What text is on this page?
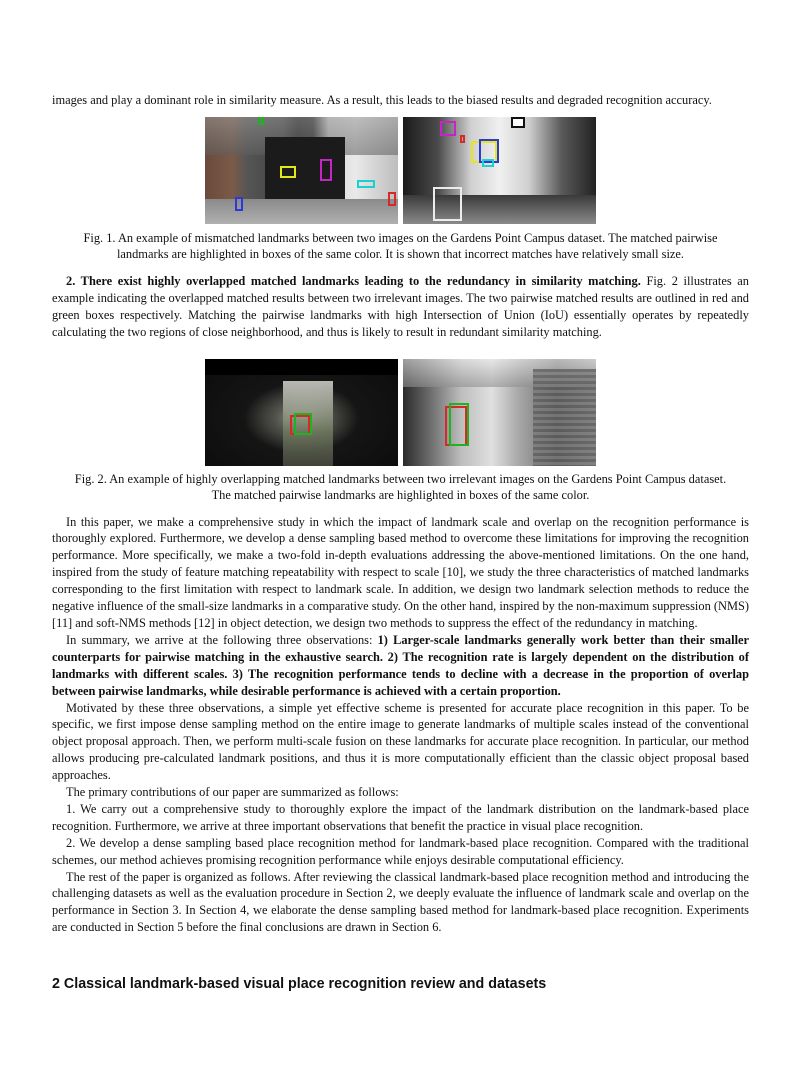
images and play a dominant role in similarity measure. As a result, this leads to the biased results and degraded recognition accuracy.

Fig. 1. An example of mismatched landmarks between two images on the Gardens Point Campus dataset. The matched pairwise landmarks are highlighted in boxes of the same color. It is shown that incorrect matches have relatively small size.

2. There exist highly overlapped matched landmarks leading to the redundancy in similarity matching. Fig. 2 illustrates an example indicating the overlapped matched results between two irrelevant images. The two pairwise matched results are outlined in red and green boxes respectively. Matching the pairwise landmarks with high Intersection of Union (IoU) essentially operates by repeatedly calculating the two regions of close neighborhood, and thus is likely to result in redundant similarity matching.

Fig. 2. An example of highly overlapping matched landmarks between two irrelevant images on the Gardens Point Campus dataset. The matched pairwise landmarks are highlighted in boxes of the same color.

In this paper, we make a comprehensive study in which the impact of landmark scale and overlap on the recognition performance is thoroughly explored. Furthermore, we develop a dense sampling based method to overcome these limitations for improving the recognition performance. More specifically, we make a two-fold in-depth evaluations addressing the above-mentioned limitations. On the one hand, inspired from the study of feature matching repeatability with respect to scale [10], we study the three characteristics of matched landmarks corresponding to the first limitation with respect to landmark scale. In addition, we design two landmark selection methods to reduce the negative influence of the small-size landmarks in a comparative study. On the other hand, inspired by the non-maximum suppression (NMS) [11] and soft-NMS methods [12] in object detection, we design two methods to suppress the effect of the redundancy in matching.

In summary, we arrive at the following three observations: 1) Larger-scale landmarks generally work better than their smaller counterparts for pairwise matching in the exhaustive search. 2) The recognition rate is largely dependent on the distribution of landmarks with different scales. 3) The recognition performance tends to decline with a decrease in the proportion of overlap between pairwise landmarks, while desirable performance is achieved with a certain proportion.

Motivated by these three observations, a simple yet effective scheme is presented for accurate place recognition in this paper. To be specific, we first impose dense sampling method on the entire image to generate landmarks of multiple scales instead of the conventional object proposal approach. Then, we perform multi-scale fusion on these landmarks for accurate place recognition. In particular, our method allows producing pre-calculated landmark positions, and thus it is more computationally efficient than the classic object proposal based approaches.

The primary contributions of our paper are summarized as follows:

1. We carry out a comprehensive study to thoroughly explore the impact of the landmark distribution on the landmark-based place recognition. Furthermore, we arrive at three important observations that benefit the practice in visual place recognition.

2. We develop a dense sampling based place recognition method for landmark-based place recognition. Compared with the traditional schemes, our method achieves promising recognition performance while enjoys desirable computational efficiency.

The rest of the paper is organized as follows. After reviewing the classical landmark-based place recognition method and introducing the challenging datasets as well as the evaluation procedure in Section 2, we deeply evaluate the influence of landmark scale and overlap on the performance in Section 3. In Section 4, we elaborate the dense sampling based method for landmark-based place recognition. Experiments are conducted in Section 5 before the final conclusions are drawn in Section 6.

2 Classical landmark-based visual place recognition review and datasets
